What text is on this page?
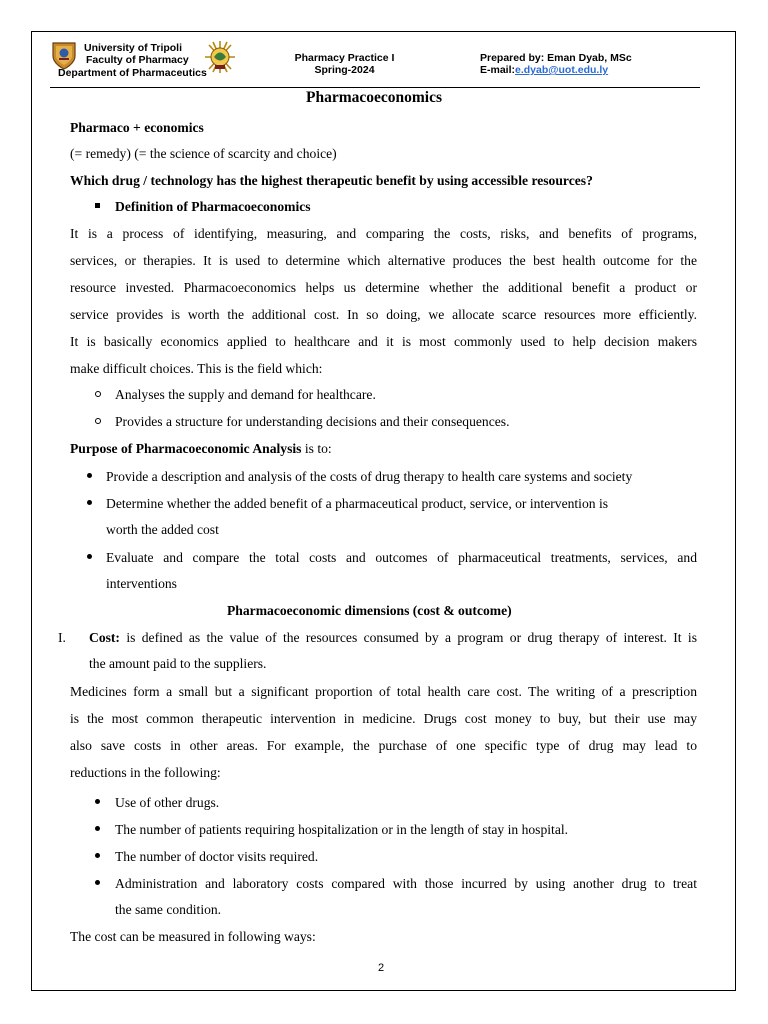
University of Tripoli
Faculty of Pharmacy
Department of Pharmaceutics
Pharmacy Practice I
Spring-2024
Prepared by: Eman Dyab, MSc
E-mail:e.dyab@uot.edu.ly
Pharmacoeconomics
Pharmaco + economics
(= remedy) (= the science of scarcity and choice)
Which drug / technology has the highest therapeutic benefit by using accessible resources?
Definition of Pharmacoeconomics
It is a process of identifying, measuring, and comparing the costs, risks, and benefits of programs,
services, or therapies. It is used to determine which alternative produces the best health outcome for the
resource invested. Pharmacoeconomics helps us determine whether the additional benefit a product or
service provides is worth the additional cost. In so doing, we allocate scarce resources more efficiently.
It is basically economics applied to healthcare and it is most commonly used to help decision makers
make difficult choices. This is the field which:
Analyses the supply and demand for healthcare.
Provides a structure for understanding decisions and their consequences.
Purpose of Pharmacoeconomic Analysis is to:
Provide a description and analysis of the costs of drug therapy to health care systems and society
Determine whether the added benefit of a pharmaceutical product, service, or intervention is
worth the added cost
Evaluate and compare the total costs and outcomes of pharmaceutical treatments, services, and
interventions
Pharmacoeconomic dimensions (cost & outcome)
I. Cost: is defined as the value of the resources consumed by a program or drug therapy of interest. It is
the amount paid to the suppliers.
Medicines form a small but a significant proportion of total health care cost. The writing of a prescription
is the most common therapeutic intervention in medicine. Drugs cost money to buy, but their use may
also save costs in other areas. For example, the purchase of one specific type of drug may lead to
reductions in the following:
Use of other drugs.
The number of patients requiring hospitalization or in the length of stay in hospital.
The number of doctor visits required.
Administration and laboratory costs compared with those incurred by using another drug to treat
the same condition.
The cost can be measured in following ways:
2
